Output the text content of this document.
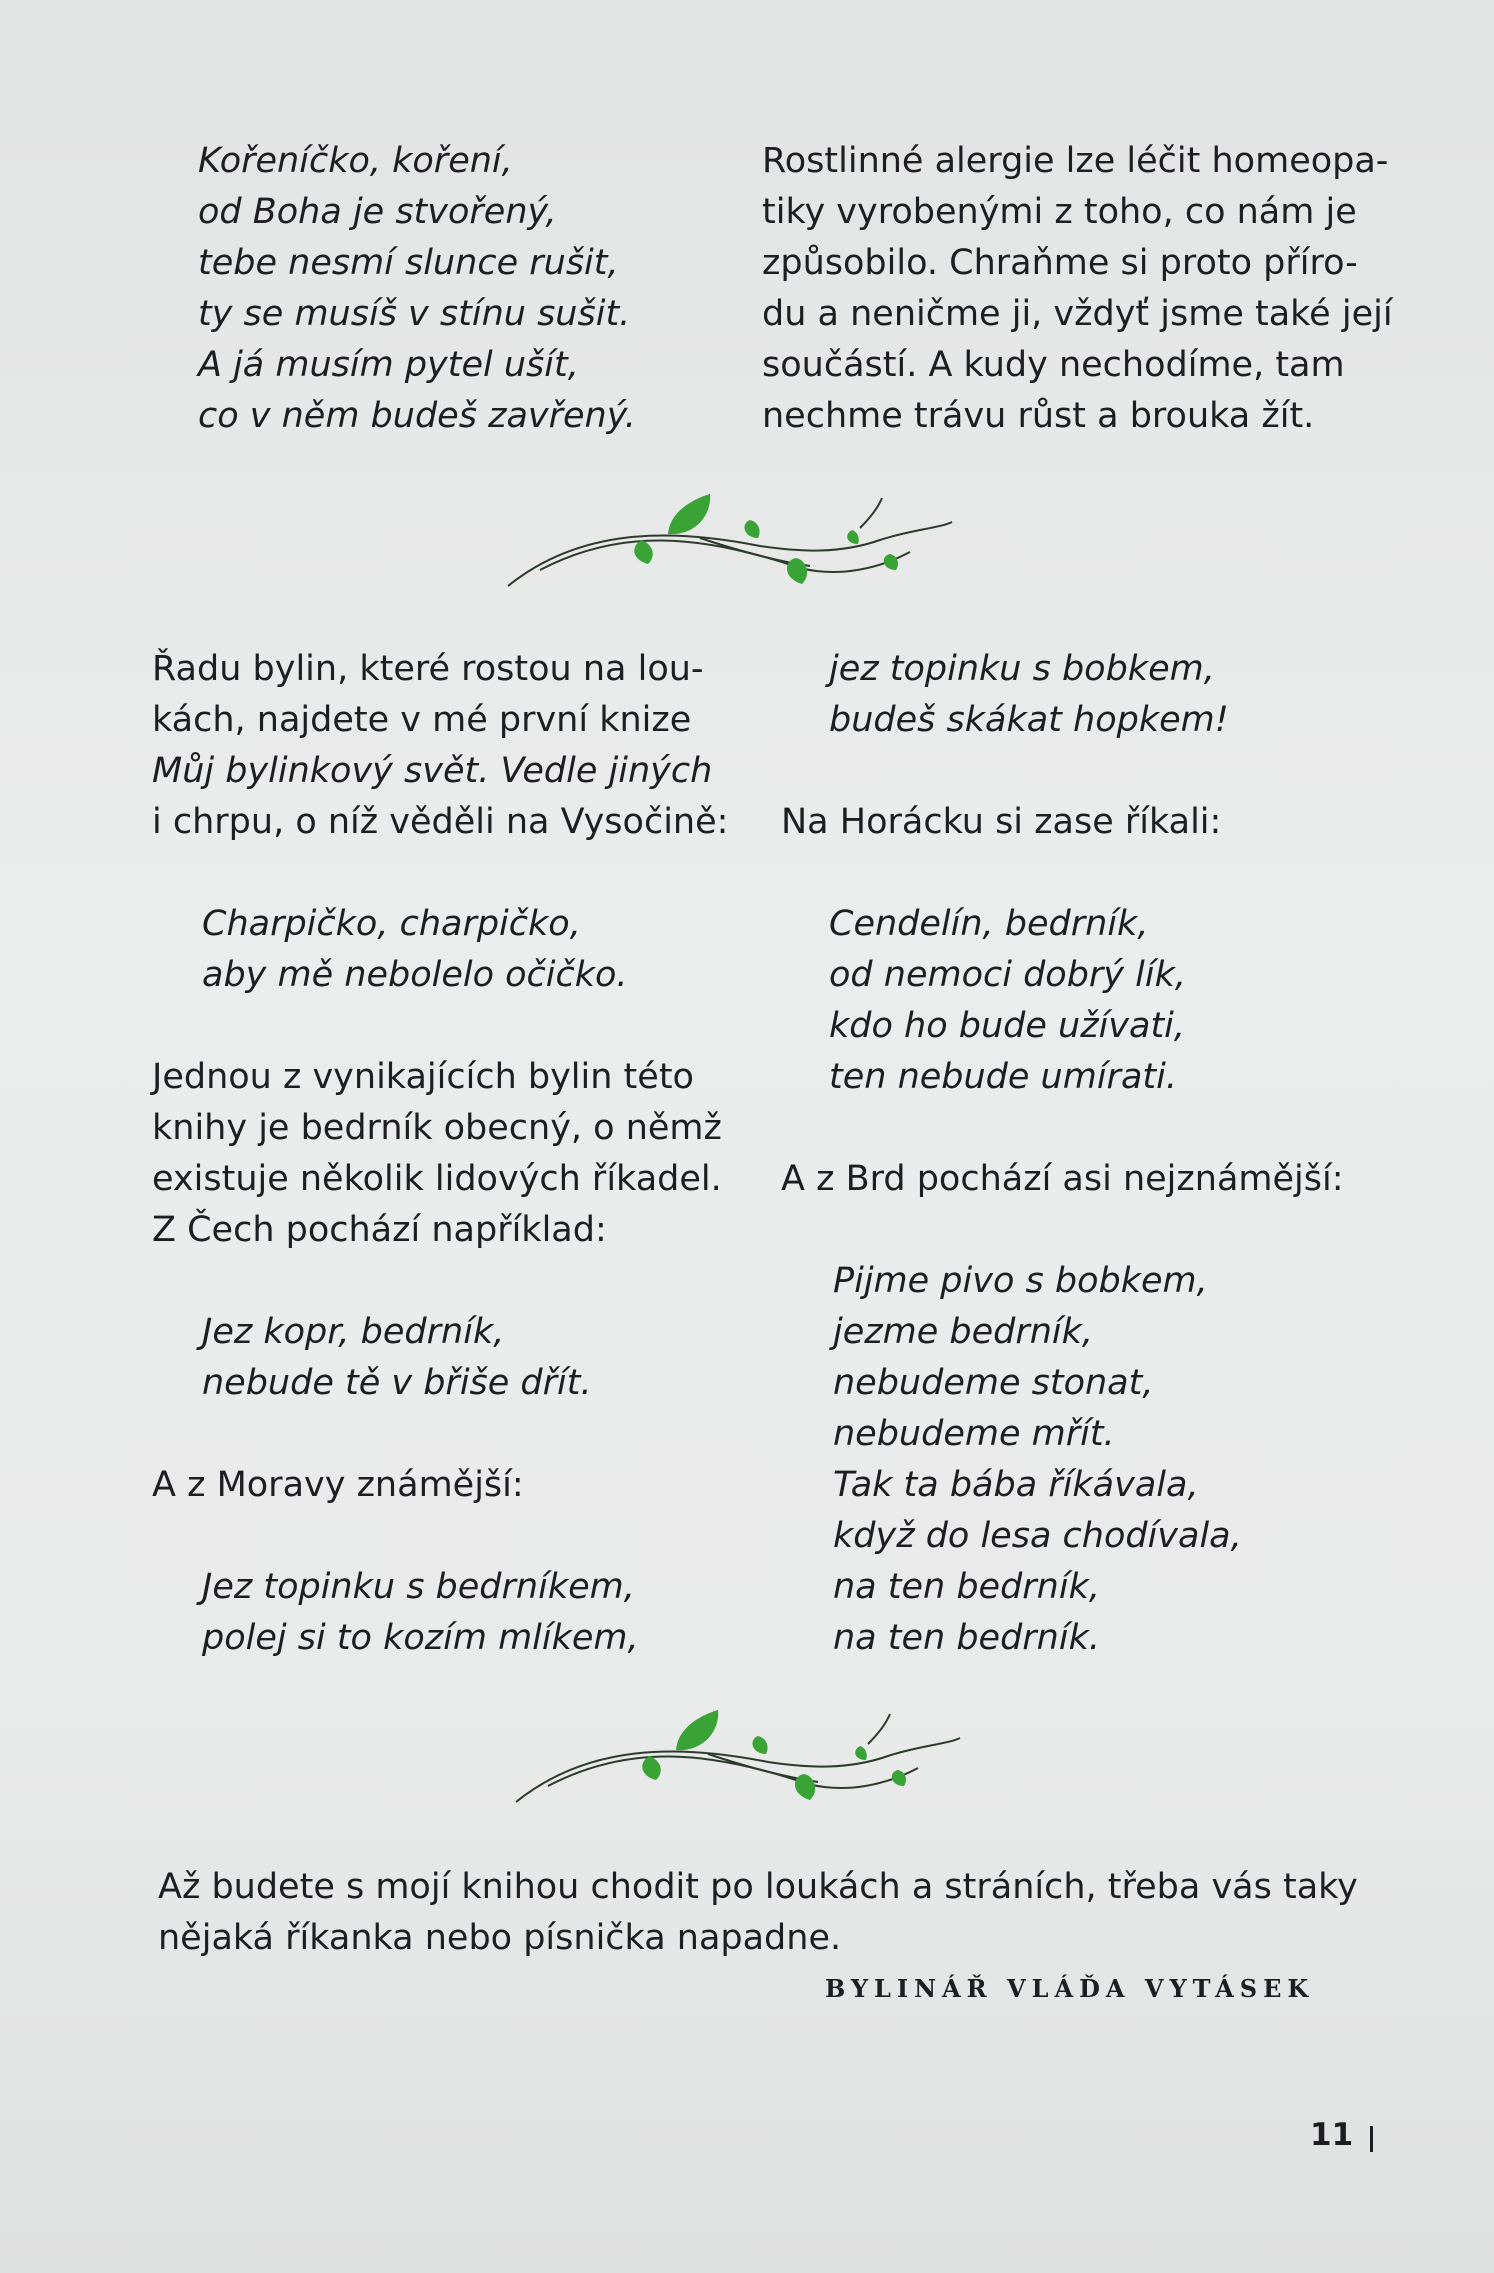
Kořeníčko, koření,
od Boha je stvořený,
tebe nesmí slunce rušit,
ty se musíš v stínu sušit.
A já musím pytel ušít,
co v něm budeš zavřený.
Rostlinné alergie lze léčit homeopa-
tiky vyrobenými z toho, co nám je
způsobilo. Chraňme si proto příro-
du a neničme ji, vždyť jsme také její
součástí. A kudy nechodíme, tam
nechme trávu růst a brouka žít.
Řadu bylin, které rostou na lou-
kách, najdete v mé první knize
Můj bylinkový svět. Vedle jiných
i chrpu, o níž věděli na Vysočině:
Charpičko, charpičko,
aby mě nebolelo očičko.
Jednou z vynikajících bylin této
knihy je bedrník obecný, o němž
existuje několik lidových říkadel.
Z Čech pochází například:
Jez kopr, bedrník,
nebude tě v břiše dřít.
A z Moravy známější:
Jez topinku s bedrníkem,
polej si to kozím mlíkem,
jez topinku s bobkem,
budeš skákat hopkem!
Na Horácku si zase říkali:
Cendelín, bedrník,
od nemoci dobrý lík,
kdo ho bude užívati,
ten nebude umírati.
A z Brd pochází asi nejznámější:
Pijme pivo s bobkem,
jezme bedrník,
nebudeme stonat,
nebudeme mřít.
Tak ta bába říkávala,
když do lesa chodívala,
na ten bedrník,
na ten bedrník.
Až budete s mojí knihou chodit po loukách a stráních, třeba vás taky
nějaká říkanka nebo písnička napadne.
BYLINÁŘ VLÁĎA VYTÁSEK
11
